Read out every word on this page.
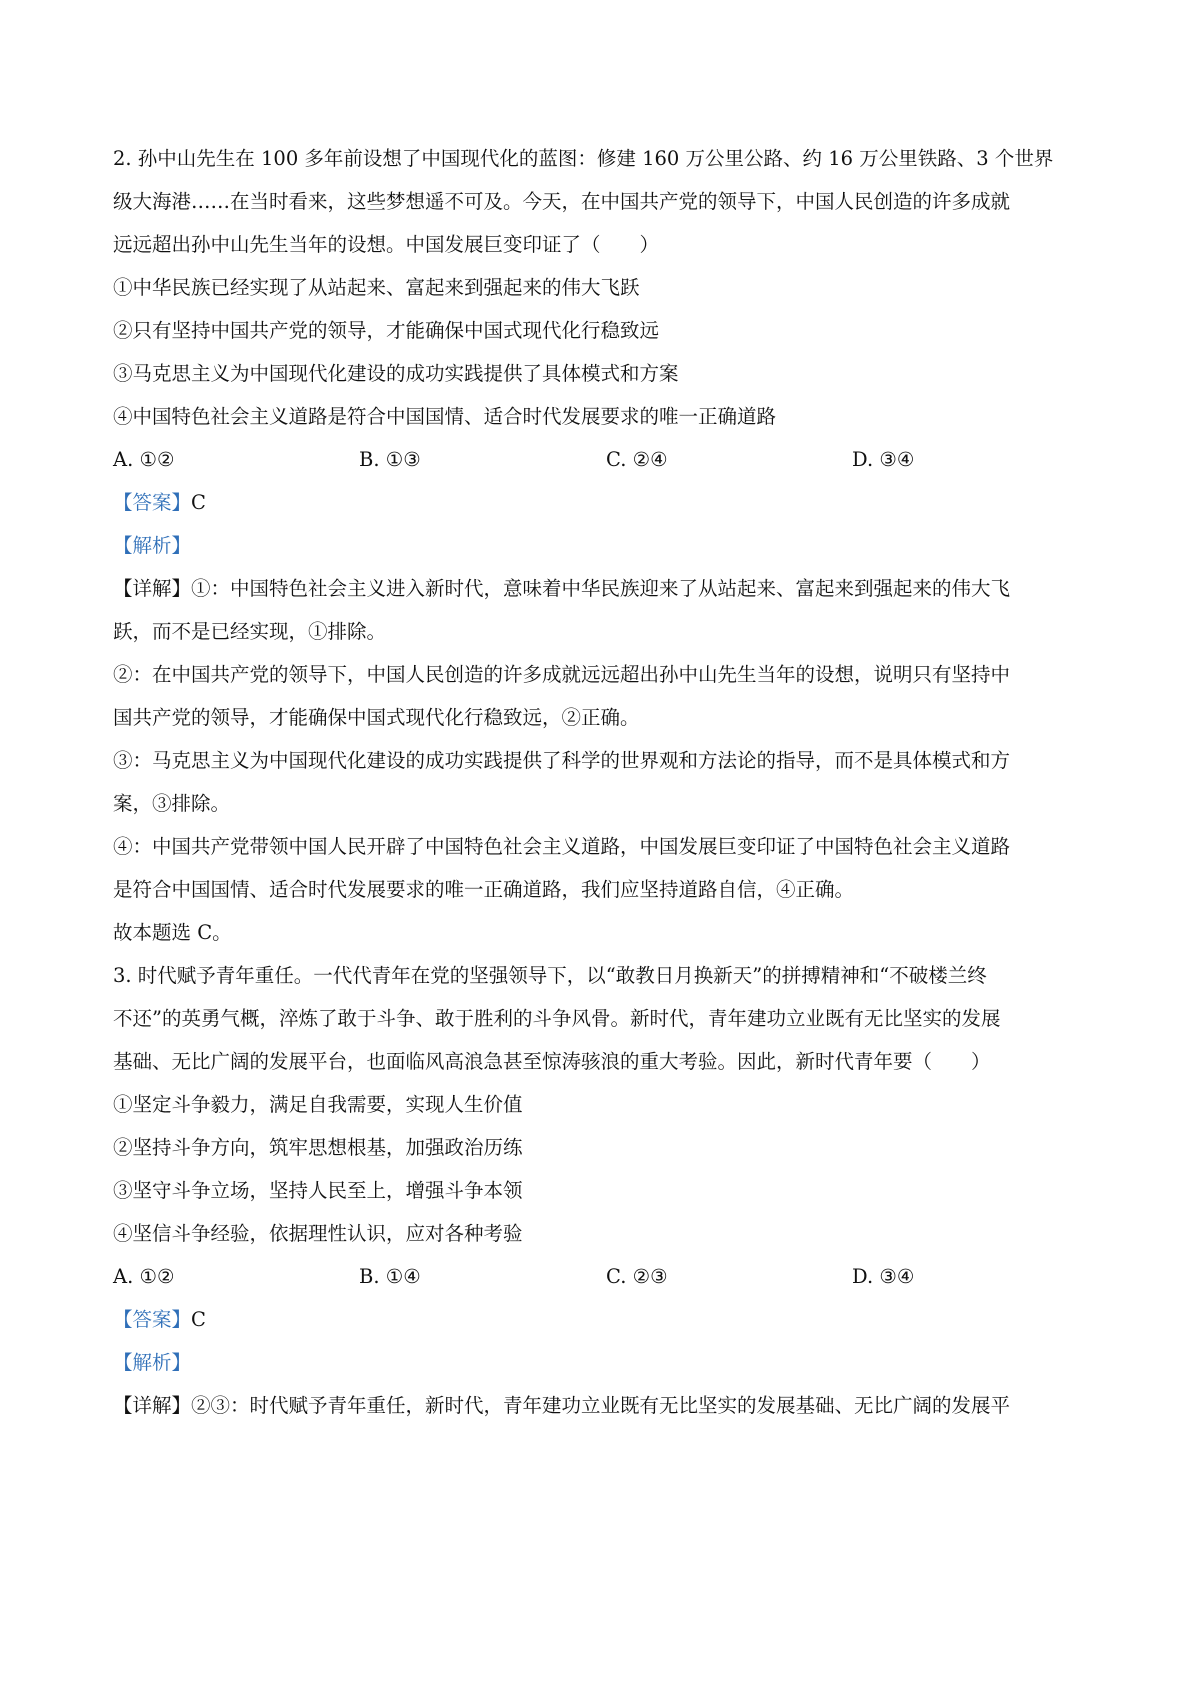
2. 孙中山先生在 100 多年前设想了中国现代化的蓝图：修建 160 万公里公路、约 16 万公里铁路、3 个世界
级大海港……在当时看来，这些梦想遥不可及。今天，在中国共产党的领导下，中国人民创造的许多成就
远远超出孙中山先生当年的设想。中国发展巨变印证了（　　）
①中华民族已经实现了从站起来、富起来到强起来的伟大飞跃
②只有坚持中国共产党的领导，才能确保中国式现代化行稳致远
③马克思主义为中国现代化建设的成功实践提供了具体模式和方案
④中国特色社会主义道路是符合中国国情、适合时代发展要求的唯一正确道路
A. ①②	B. ①③	C. ②④	D. ③④
【答案】C
【解析】
【详解】①：中国特色社会主义进入新时代，意味着中华民族迎来了从站起来、富起来到强起来的伟大飞
跃，而不是已经实现，①排除。
②：在中国共产党的领导下，中国人民创造的许多成就远远超出孙中山先生当年的设想，说明只有坚持中
国共产党的领导，才能确保中国式现代化行稳致远，②正确。
③：马克思主义为中国现代化建设的成功实践提供了科学的世界观和方法论的指导，而不是具体模式和方
案，③排除。
④：中国共产党带领中国人民开辟了中国特色社会主义道路，中国发展巨变印证了中国特色社会主义道路
是符合中国国情、适合时代发展要求的唯一正确道路，我们应坚持道路自信，④正确。
故本题选 C。
3. 时代赋予青年重任。一代代青年在党的坚强领导下，以“敢教日月换新天”的拼搏精神和“不破楼兰终
不还”的英勇气概，淬炼了敢于斗争、敢于胜利的斗争风骨。新时代，青年建功立业既有无比坚实的发展
基础、无比广阔的发展平台，也面临风高浪急甚至惊涛骇浪的重大考验。因此，新时代青年要（　　）
①坚定斗争毅力，满足自我需要，实现人生价值
②坚持斗争方向，筑牢思想根基，加强政治历练
③坚守斗争立场，坚持人民至上，增强斗争本领
④坚信斗争经验，依据理性认识，应对各种考验
A. ①②	B. ①④	C. ②③	D. ③④
【答案】C
【解析】
【详解】②③：时代赋予青年重任，新时代，青年建功立业既有无比坚实的发展基础、无比广阔的发展平
